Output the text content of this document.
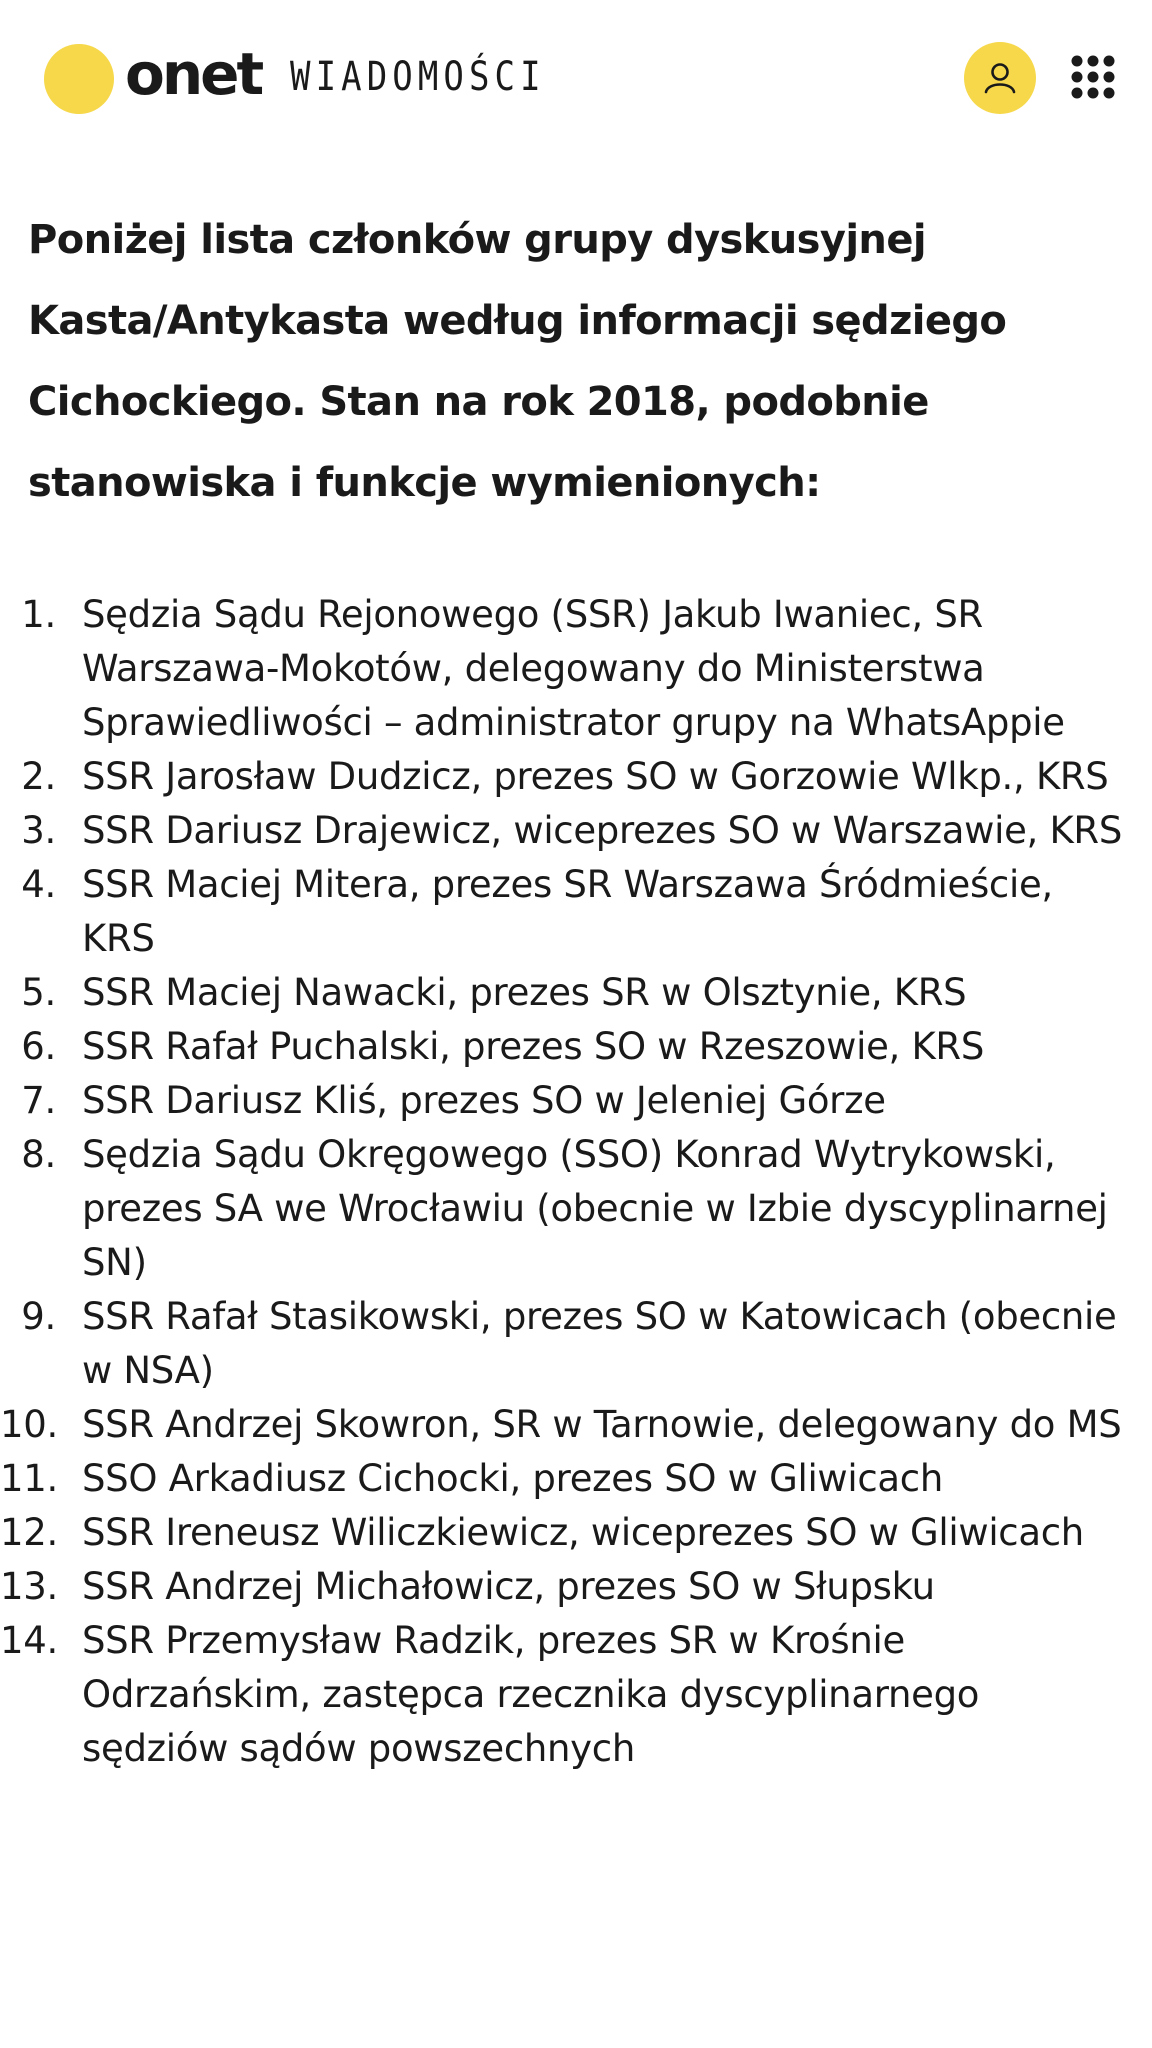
onet WIADOMOŚCI

Poniżej lista członków grupy dyskusyjnej Kasta/Antykasta według informacji sędziego Cichockiego. Stan na rok 2018, podobnie stanowiska i funkcje wymienionych:

1. Sędzia Sądu Rejonowego (SSR) Jakub Iwaniec, SR Warszawa-Mokotów, delegowany do Ministerstwa Sprawiedliwości – administrator grupy na WhatsAppie
2. SSR Jarosław Dudzicz, prezes SO w Gorzowie Wlkp., KRS
3. SSR Dariusz Drajewicz, wiceprezes SO w Warszawie, KRS
4. SSR Maciej Mitera, prezes SR Warszawa Śródmieście, KRS
5. SSR Maciej Nawacki, prezes SR w Olsztynie, KRS
6. SSR Rafał Puchalski, prezes SO w Rzeszowie, KRS
7. SSR Dariusz Kliś, prezes SO w Jeleniej Górze
8. Sędzia Sądu Okręgowego (SSO) Konrad Wytrykowski, prezes SA we Wrocławiu (obecnie w Izbie dyscyplinarnej SN)
9. SSR Rafał Stasikowski, prezes SO w Katowicach (obecnie w NSA)
10. SSR Andrzej Skowron, SR w Tarnowie, delegowany do MS
11. SSO Arkadiusz Cichocki, prezes SO w Gliwicach
12. SSR Ireneusz Wiliczkiewicz, wiceprezes SO w Gliwicach
13. SSR Andrzej Michałowicz, prezes SO w Słupsku
14. SSR Przemysław Radzik, prezes SR w Krośnie Odrzańskim, zastępca rzecznika dyscyplinarnego sędziów sądów powszechnych
